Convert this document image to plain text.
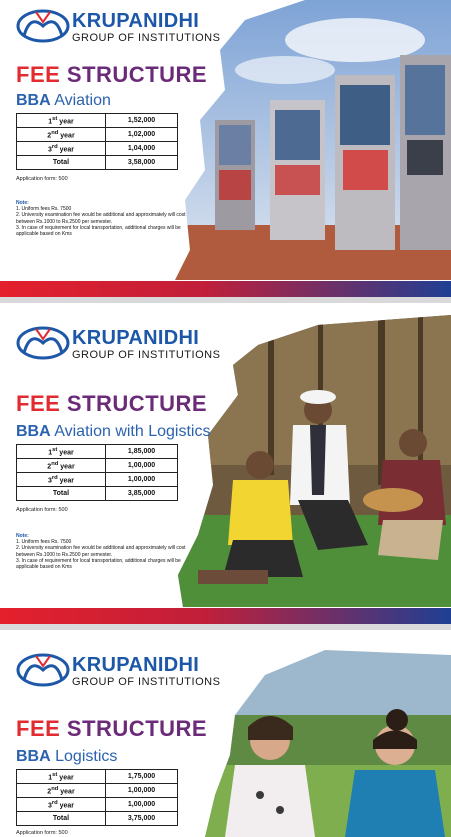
KRUPANIDHI
GROUP OF INSTITUTIONS
FEE STRUCTURE
BBA Aviation
1st year	1,52,000
2nd year	1,02,000
3rd year	1,04,000
Total	3,58,000
Application form: 500
Note:
1. Uniform fees Rs. 7500
2. University examination fee would be additional and approximately will cost between Rs.1000 to Rs.2500 per semester.
3. In case of requirement for local transportation, additional charges will be applicable based on Kms
KRUPANIDHI
GROUP OF INSTITUTIONS
FEE STRUCTURE
BBA Aviation with Logistics
1st year	1,85,000
2nd year	1,00,000
3rd year	1,00,000
Total	3,85,000
Application form: 500
Note:
1. Uniform fees Rs. 7500
2. University examination fee would be additional and approximately will cost between Rs.1000 to Rs.2500 per semester.
3. In case of requirement for local transportation, additional charges will be applicable based on Kms
KRUPANIDHI
GROUP OF INSTITUTIONS
FEE STRUCTURE
BBA Logistics
1st year	1,75,000
2nd year	1,00,000
3rd year	1,00,000
Total	3,75,000
Application form: 500
